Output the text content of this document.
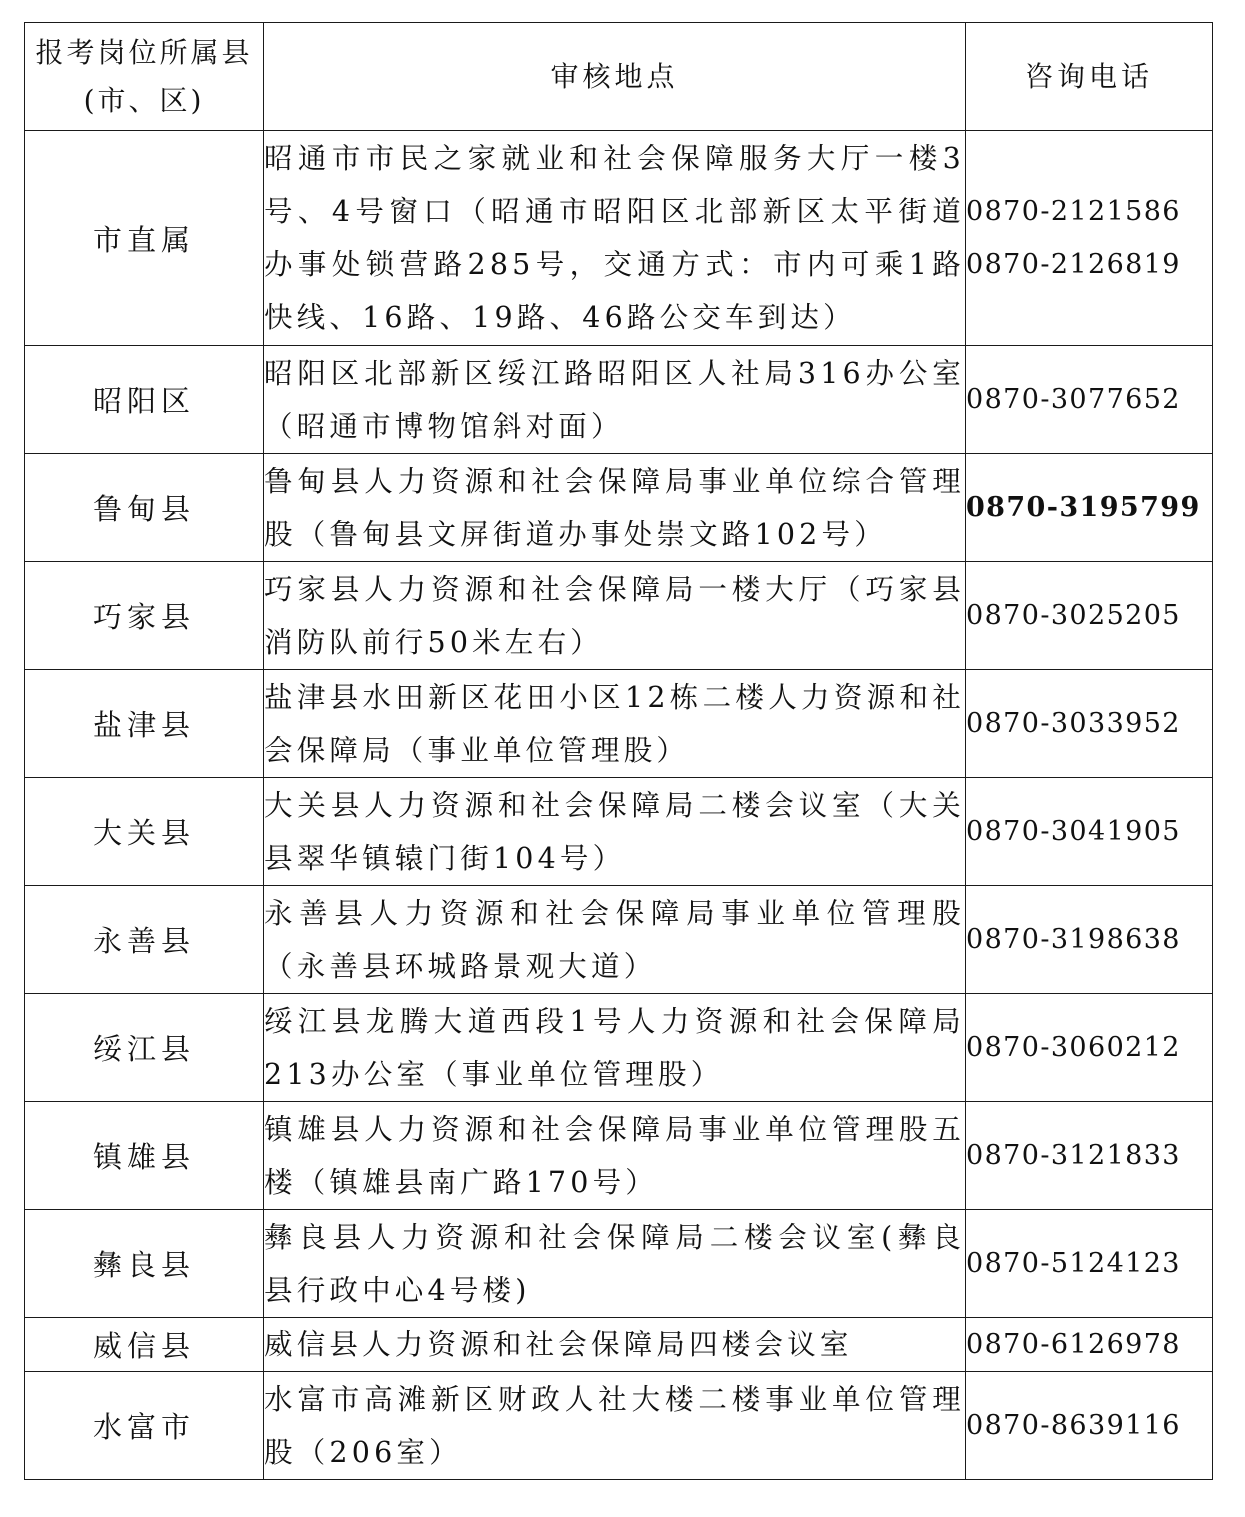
报考岗位所属县(市、区)	审核地点	咨询电话
市直属	昭通市市民之家就业和社会保障服务大厅一楼3号、4号窗口（昭通市昭阳区北部新区太平街道办事处锁营路285号，交通方式：市内可乘1路快线、16路、19路、46路公交车到达）	0870-2121586
0870-2126819

昭阳区	昭阳区北部新区绥江路昭阳区人社局316办公室（昭通市博物馆斜对面）	0870-3077652

鲁甸县	鲁甸县人力资源和社会保障局事业单位综合管理股（鲁甸县文屏街道办事处崇文路102号）	0870-3195799

巧家县	巧家县人力资源和社会保障局一楼大厅（巧家县消防队前行50米左右）	0870-3025205

盐津县	盐津县水田新区花田小区12栋二楼人力资源和社会保障局（事业单位管理股）	0870-3033952

大关县	大关县人力资源和社会保障局二楼会议室（大关县翠华镇辕门街104号）	0870-3041905

永善县	永善县人力资源和社会保障局事业单位管理股（永善县环城路景观大道）	0870-3198638

绥江县	绥江县龙腾大道西段1号人力资源和社会保障局213办公室（事业单位管理股）	0870-3060212

镇雄县	镇雄县人力资源和社会保障局事业单位管理股五楼（镇雄县南广路170号）	0870-3121833

彝良县	彝良县人力资源和社会保障局二楼会议室(彝良县行政中心4号楼)	0870-5124123

威信县	威信县人力资源和社会保障局四楼会议室	0870-6126978

水富市	水富市高滩新区财政人社大楼二楼事业单位管理股（206室）	0870-8639116
